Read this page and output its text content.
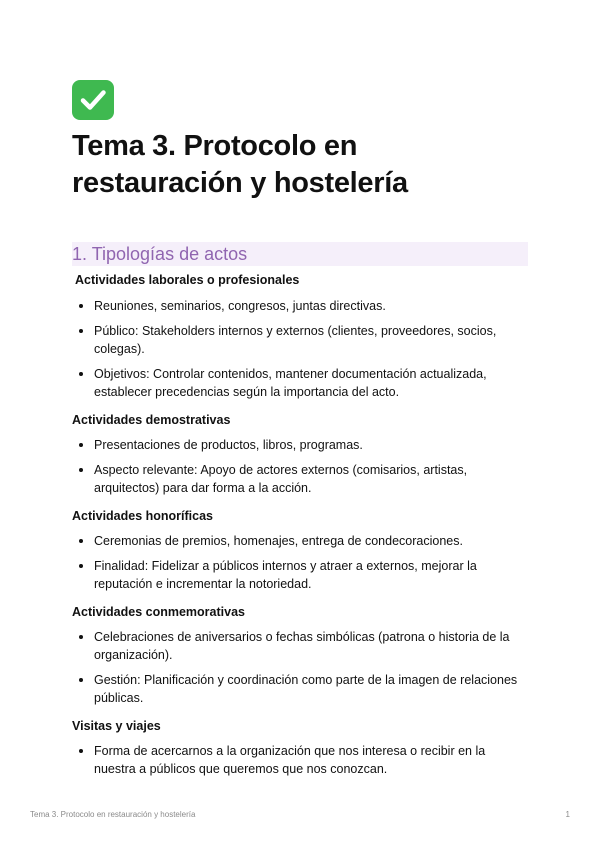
Tema 3. Protocolo en restauración y hostelería
1. Tipologías de actos
Actividades laborales o profesionales
Reuniones, seminarios, congresos, juntas directivas.
Público: Stakeholders internos y externos (clientes, proveedores, socios, colegas).
Objetivos: Controlar contenidos, mantener documentación actualizada, establecer precedencias según la importancia del acto.
Actividades demostrativas
Presentaciones de productos, libros, programas.
Aspecto relevante: Apoyo de actores externos (comisarios, artistas, arquitectos) para dar forma a la acción.
Actividades honoríficas
Ceremonias de premios, homenajes, entrega de condecoraciones.
Finalidad: Fidelizar a públicos internos y atraer a externos, mejorar la reputación e incrementar la notoriedad.
Actividades conmemorativas
Celebraciones de aniversarios o fechas simbólicas (patrona o historia de la organización).
Gestión: Planificación y coordinación como parte de la imagen de relaciones públicas.
Visitas y viajes
Forma de acercarnos a la organización que nos interesa o recibir en la nuestra a públicos que queremos que nos conozcan.
Tema 3. Protocolo en restauración y hostelería	1
